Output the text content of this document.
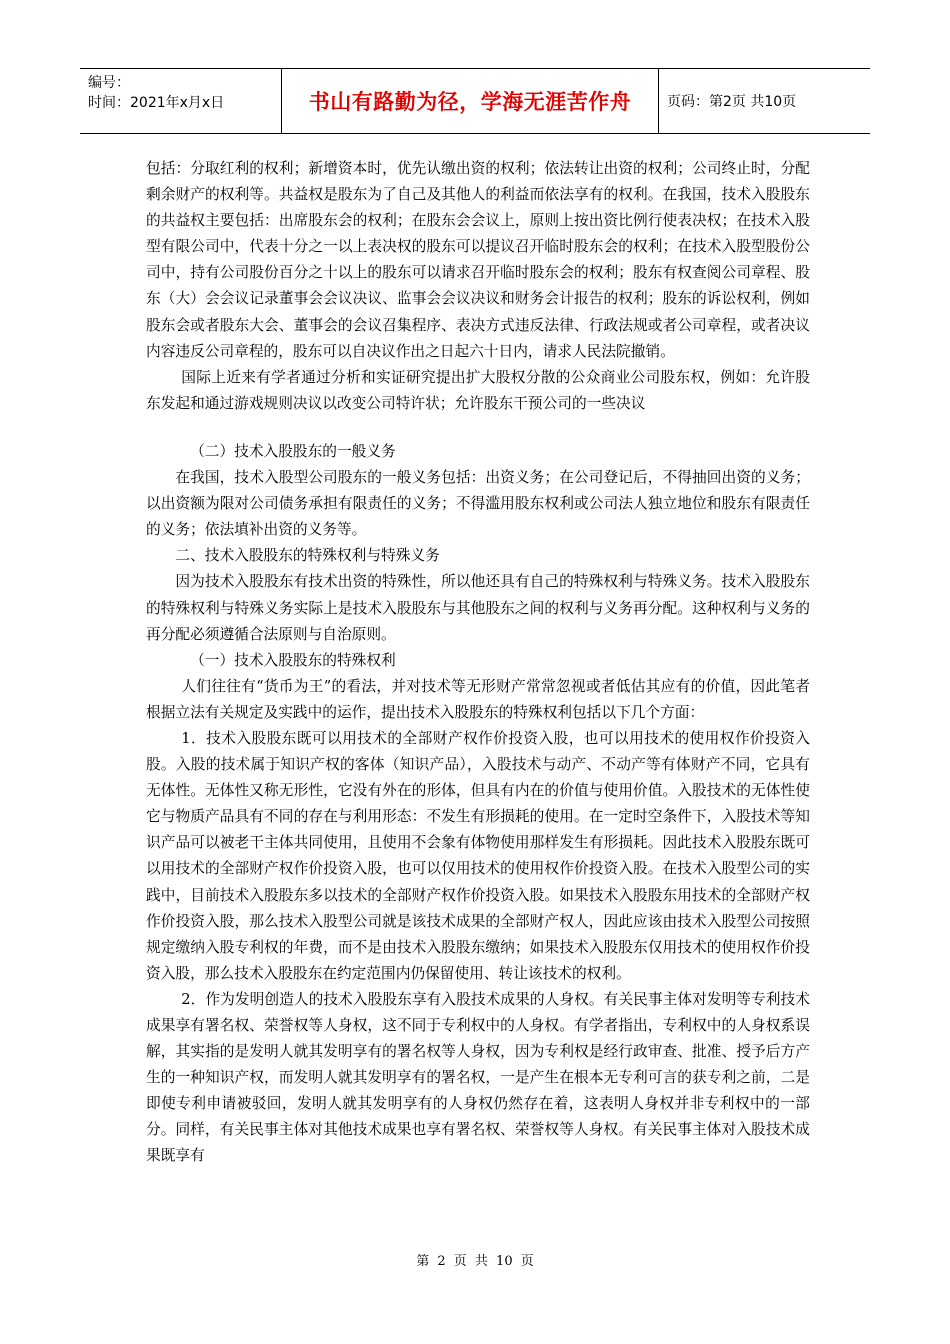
编号：
时间：2021年x月x日	书山有路勤为径，学海无涯苦作舟	页码：第2页 共10页

包括：分取红利的权利；新增资本时，优先认缴出资的权利；依法转让出资的权利；公司终止时，分配剩余财产的权利等。共益权是股东为了自己及其他人的利益而依法享有的权利。在我国，技术入股股东的共益权主要包括：出席股东会的权利；在股东会会议上，原则上按出资比例行使表决权；在技术入股型有限公司中，代表十分之一以上表决权的股东可以提议召开临时股东会的权利；在技术入股型股份公司中，持有公司股份百分之十以上的股东可以请求召开临时股东会的权利；股东有权查阅公司章程、股东（大）会会议记录董事会会议决议、监事会会议决议和财务会计报告的权利；股东的诉讼权利，例如股东会或者股东大会、董事会的会议召集程序、表决方式违反法律、行政法规或者公司章程，或者决议内容违反公司章程的，股东可以自决议作出之日起六十日内，请求人民法院撤销。

国际上近来有学者通过分析和实证研究提出扩大股权分散的公众商业公司股东权，例如：允许股东发起和通过游戏规则决议以改变公司特许状；允许股东干预公司的一些决议

（二）技术入股股东的一般义务

在我国，技术入股型公司股东的一般义务包括：出资义务；在公司登记后，不得抽回出资的义务；以出资额为限对公司债务承担有限责任的义务；不得滥用股东权利或公司法人独立地位和股东有限责任的义务；依法填补出资的义务等。

二、技术入股股东的特殊权利与特殊义务

因为技术入股股东有技术出资的特殊性，所以他还具有自己的特殊权利与特殊义务。技术入股股东的特殊权利与特殊义务实际上是技术入股股东与其他股东之间的权利与义务再分配。这种权利与义务的再分配必须遵循合法原则与自治原则。

（一）技术入股股东的特殊权利

人们往往有“货币为王”的看法，并对技术等无形财产常常忽视或者低估其应有的价值，因此笔者根据立法有关规定及实践中的运作，提出技术入股股东的特殊权利包括以下几个方面：

1．技术入股股东既可以用技术的全部财产权作价投资入股，也可以用技术的使用权作价投资入股。入股的技术属于知识产权的客体（知识产品），入股技术与动产、不动产等有体财产不同，它具有无体性。无体性又称无形性，它没有外在的形体，但具有内在的价值与使用价值。入股技术的无体性使它与物质产品具有不同的存在与利用形态：不发生有形损耗的使用。在一定时空条件下，入股技术等知识产品可以被老干主体共同使用，且使用不会象有体物使用那样发生有形损耗。因此技术入股股东既可以用技术的全部财产权作价投资入股，也可以仅用技术的使用权作价投资入股。在技术入股型公司的实践中，目前技术入股股东多以技术的全部财产权作价投资入股。如果技术入股股东用技术的全部财产权作价投资入股，那么技术入股型公司就是该技术成果的全部财产权人，因此应该由技术入股型公司按照规定缴纳入股专利权的年费，而不是由技术入股股东缴纳；如果技术入股股东仅用技术的使用权作价投资入股，那么技术入股股东在约定范围内仍保留使用、转让该技术的权利。

2．作为发明创造人的技术入股股东享有入股技术成果的人身权。有关民事主体对发明等专利技术成果享有署名权、荣誉权等人身权，这不同于专利权中的人身权。有学者指出，专利权中的人身权系误解，其实指的是发明人就其发明享有的署名权等人身权，因为专利权是经行政审查、批准、授予后方产生的一种知识产权，而发明人就其发明享有的署名权，一是产生在根本无专利可言的获专利之前，二是即使专利申请被驳回，发明人就其发明享有的人身权仍然存在着，这表明人身权并非专利权中的一部分。同样，有关民事主体对其他技术成果也享有署名权、荣誉权等人身权。有关民事主体对入股技术成果既享有

第 2 页 共 10 页
